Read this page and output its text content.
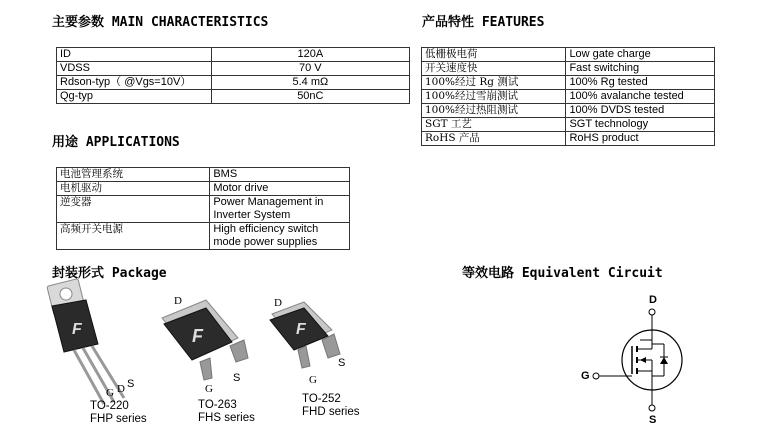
主要参数 MAIN CHARACTERISTICS	产品特性 FEATURES
用途 APPLICATIONS
封装形式 Package	等效电路 Equivalent Circuit
ID	120A
VDSS	70 V
Rdson-typ（ @Vgs=10V）	5.4 mΩ
Qg-typ	50nC
低栅极电荷	Low gate charge
开关速度快	Fast switching
100%经过 Rg 测试	100% Rg tested
100%经过雪崩测试	100% avalanche tested
100%经过热阻测试	100% DVDS tested
SGT 工艺	SGT technology
RoHS 产品	RoHS product
电池管理系统	BMS
电机驱动	Motor drive
逆变器	Power Management in Inverter System
高频开关电源	High efficiency switch mode power supplies
F	F	F
G D S
D
G
S
D
G
S
TO-220
FHP series
TO-263
FHS series
TO-252
FHD series
D
G
S
